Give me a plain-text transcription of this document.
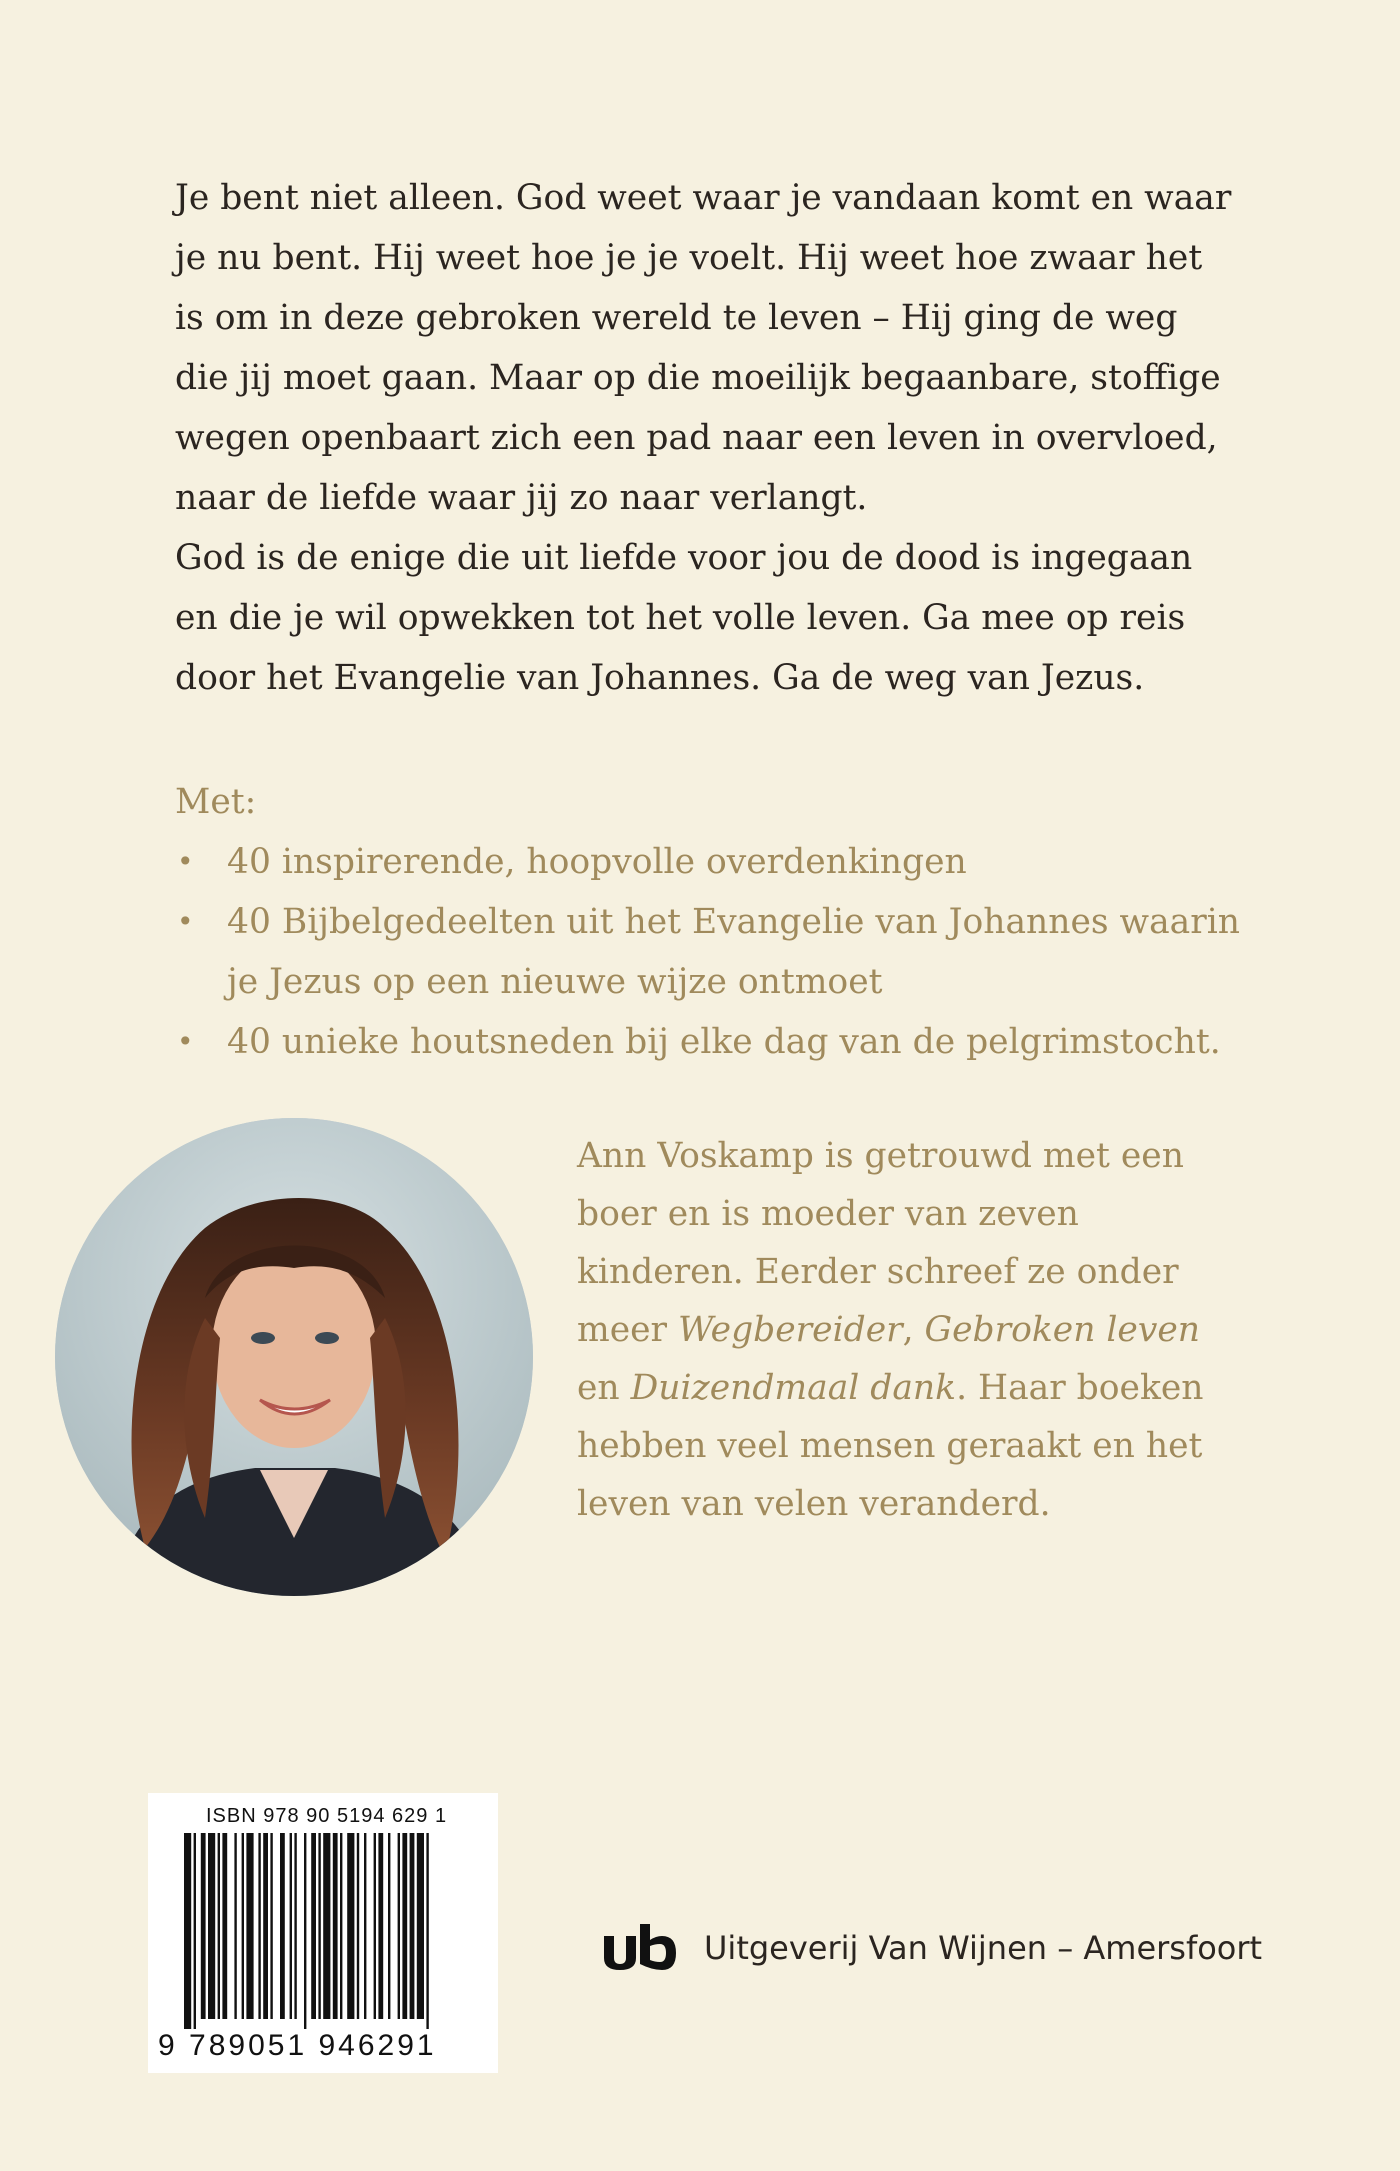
Je bent niet alleen. God weet waar je vandaan komt en waar je nu bent. Hij weet hoe je je voelt. Hij weet hoe zwaar het is om in deze gebroken wereld te leven – Hij ging de weg die jij moet gaan. Maar op die moeilijk begaanbare, stoffige wegen openbaart zich een pad naar een leven in overvloed, naar de liefde waar jij zo naar verlangt.

God is de enige die uit liefde voor jou de dood is ingegaan en die je wil opwekken tot het volle leven. Ga mee op reis door het Evangelie van Johannes. Ga de weg van Jezus.

Met:

• 40 inspirerende, hoopvolle overdenkingen
• 40 Bijbelgedeelten uit het Evangelie van Johannes waarin je Jezus op een nieuwe wijze ontmoet
• 40 unieke houtsneden bij elke dag van de pelgrimstocht.

Ann Voskamp is getrouwd met een boer en is moeder van zeven kinderen. Eerder schreef ze onder meer Wegbereider, Gebroken leven en Duizendmaal dank. Haar boeken hebben veel mensen geraakt en het leven van velen veranderd.

ISBN 978 90 5194 629 1
9 789051 946291
Uitgeverij Van Wijnen – Amersfoort
